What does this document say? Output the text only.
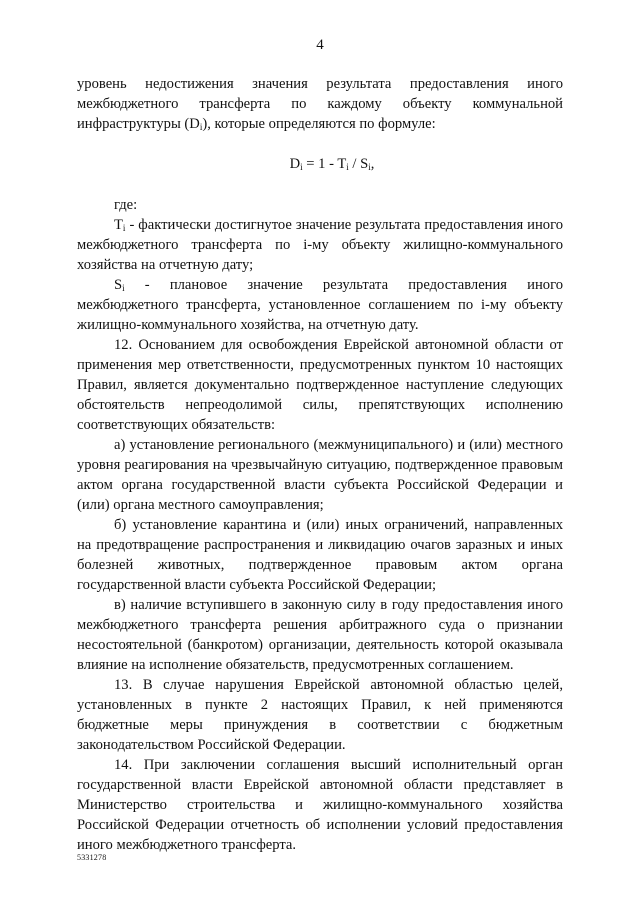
4

уровень недостижения значения результата предоставления иного межбюджетного трансферта по каждому объекту коммунальной инфраструктуры $(D_i)$, которые определяются по формуле:

$D_i = 1 - T_i / S_i$,

где:

$T_i$ - фактически достигнутое значение результата предоставления иного межбюджетного трансферта по i-му объекту жилищно-коммунального хозяйства на отчетную дату;

$S_i$ - плановое значение результата предоставления иного межбюджетного трансферта, установленное соглашением по i-му объекту жилищно-коммунального хозяйства, на отчетную дату.

12. Основанием для освобождения Еврейской автономной области от применения мер ответственности, предусмотренных пунктом 10 настоящих Правил, является документально подтвержденное наступление следующих обстоятельств непреодолимой силы, препятствующих исполнению соответствующих обязательств:

а) установление регионального (межмуниципального) и (или) местного уровня реагирования на чрезвычайную ситуацию, подтвержденное правовым актом органа государственной власти субъекта Российской Федерации и (или) органа местного самоуправления;

б) установление карантина и (или) иных ограничений, направленных на предотвращение распространения и ликвидацию очагов заразных и иных болезней животных, подтвержденное правовым актом органа государственной власти субъекта Российской Федерации;

в) наличие вступившего в законную силу в году предоставления иного межбюджетного трансферта решения арбитражного суда о признании несостоятельной (банкротом) организации, деятельность которой оказывала влияние на исполнение обязательств, предусмотренных соглашением.

13. В случае нарушения Еврейской автономной областью целей, установленных в пункте 2 настоящих Правил, к ней применяются бюджетные меры принуждения в соответствии с бюджетным законодательством Российской Федерации.

14. При заключении соглашения высший исполнительный орган государственной власти Еврейской автономной области представляет в Министерство строительства и жилищно-коммунального хозяйства Российской Федерации отчетность об исполнении условий предоставления иного межбюджетного трансферта.

5331278
